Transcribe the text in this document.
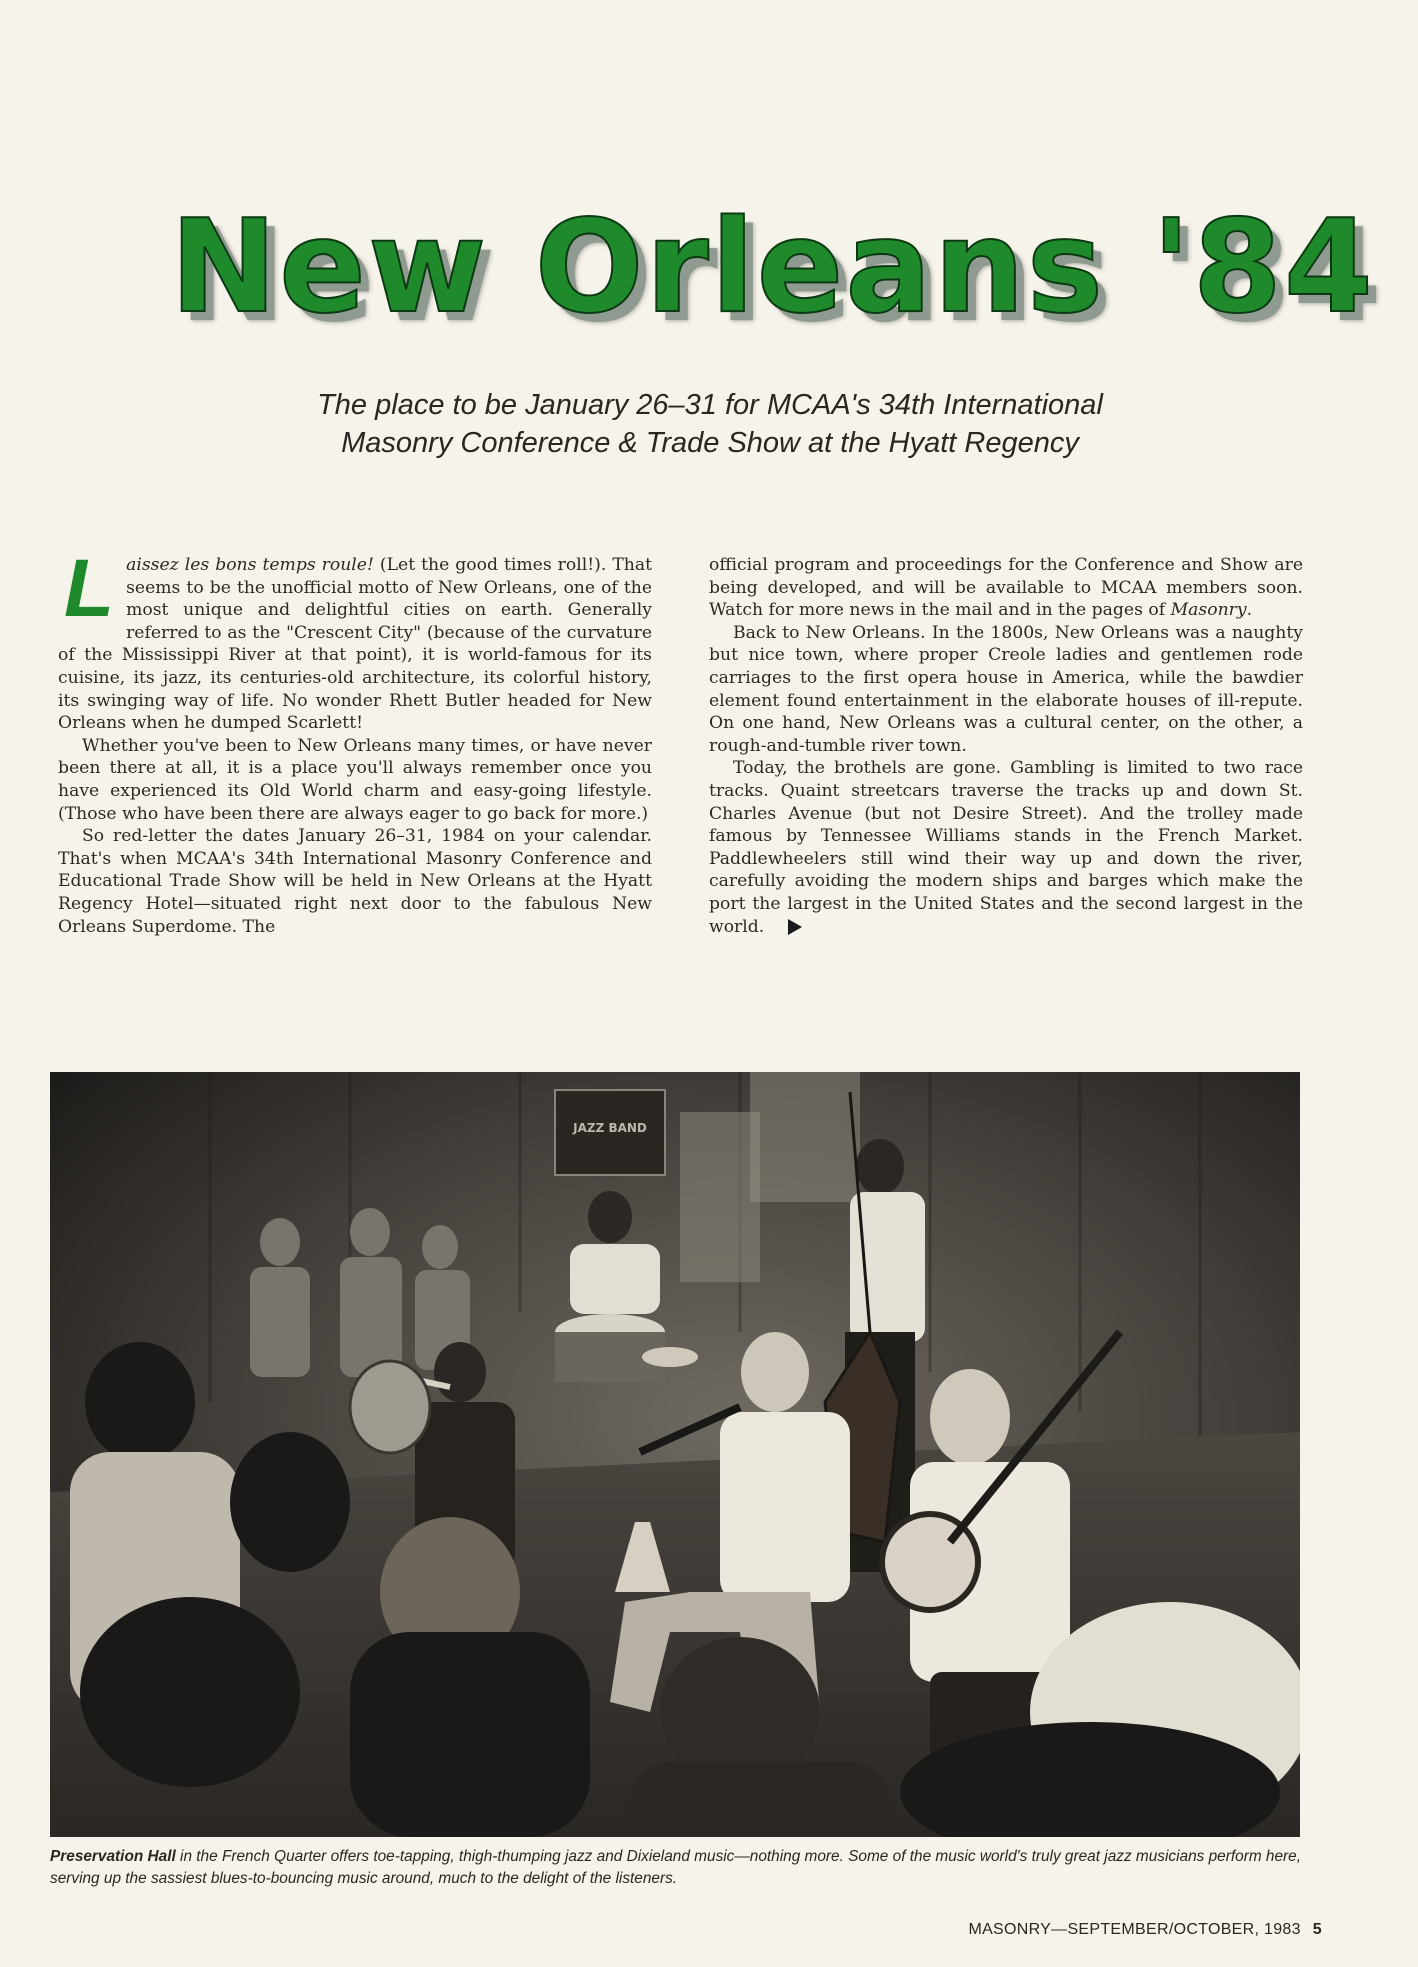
New Orleans '84
The place to be January 26–31 for MCAA's 34th International
Masonry Conference & Trade Show at the Hyatt Regency

Laissez les bons temps roule! (Let the good times roll!). That seems to be the unofficial motto of New Orleans, one of the most unique and delightful cities on earth. Generally referred to as the "Crescent City" (because of the curvature of the Mississippi River at that point), it is world-famous for its cuisine, its jazz, its centuries-old architecture, its colorful history, its swinging way of life. No wonder Rhett Butler headed for New Orleans when he dumped Scarlett!

Whether you've been to New Orleans many times, or have never been there at all, it is a place you'll always remember once you have experienced its Old World charm and easy-going lifestyle. (Those who have been there are always eager to go back for more.)

So red-letter the dates January 26–31, 1984 on your calendar. That's when MCAA's 34th International Masonry Conference and Educational Trade Show will be held in New Orleans at the Hyatt Regency Hotel—situated right next door to the fabulous New Orleans Superdome. The

official program and proceedings for the Conference and Show are being developed, and will be available to MCAA members soon. Watch for more news in the mail and in the pages of Masonry.

Back to New Orleans. In the 1800s, New Orleans was a naughty but nice town, where proper Creole ladies and gentlemen rode carriages to the first opera house in America, while the bawdier element found entertainment in the elaborate houses of ill-repute. On one hand, New Orleans was a cultural center, on the other, a rough-and-tumble river town.

Today, the brothels are gone. Gambling is limited to two race tracks. Quaint streetcars traverse the tracks up and down St. Charles Avenue (but not Desire Street). And the trolley made famous by Tennessee Williams stands in the French Market. Paddlewheelers still wind their way up and down the river, carefully avoiding the modern ships and barges which make the port the largest in the United States and the second largest in the world.

JAZZ BAND
Preservation Hall in the French Quarter offers toe-tapping, thigh-thumping jazz and Dixieland music—nothing more. Some of the music world's truly great jazz musicians perform here, serving up the sassiest blues-to-bouncing music around, much to the delight of the listeners.
MASONRY—SEPTEMBER/OCTOBER, 1983 5
